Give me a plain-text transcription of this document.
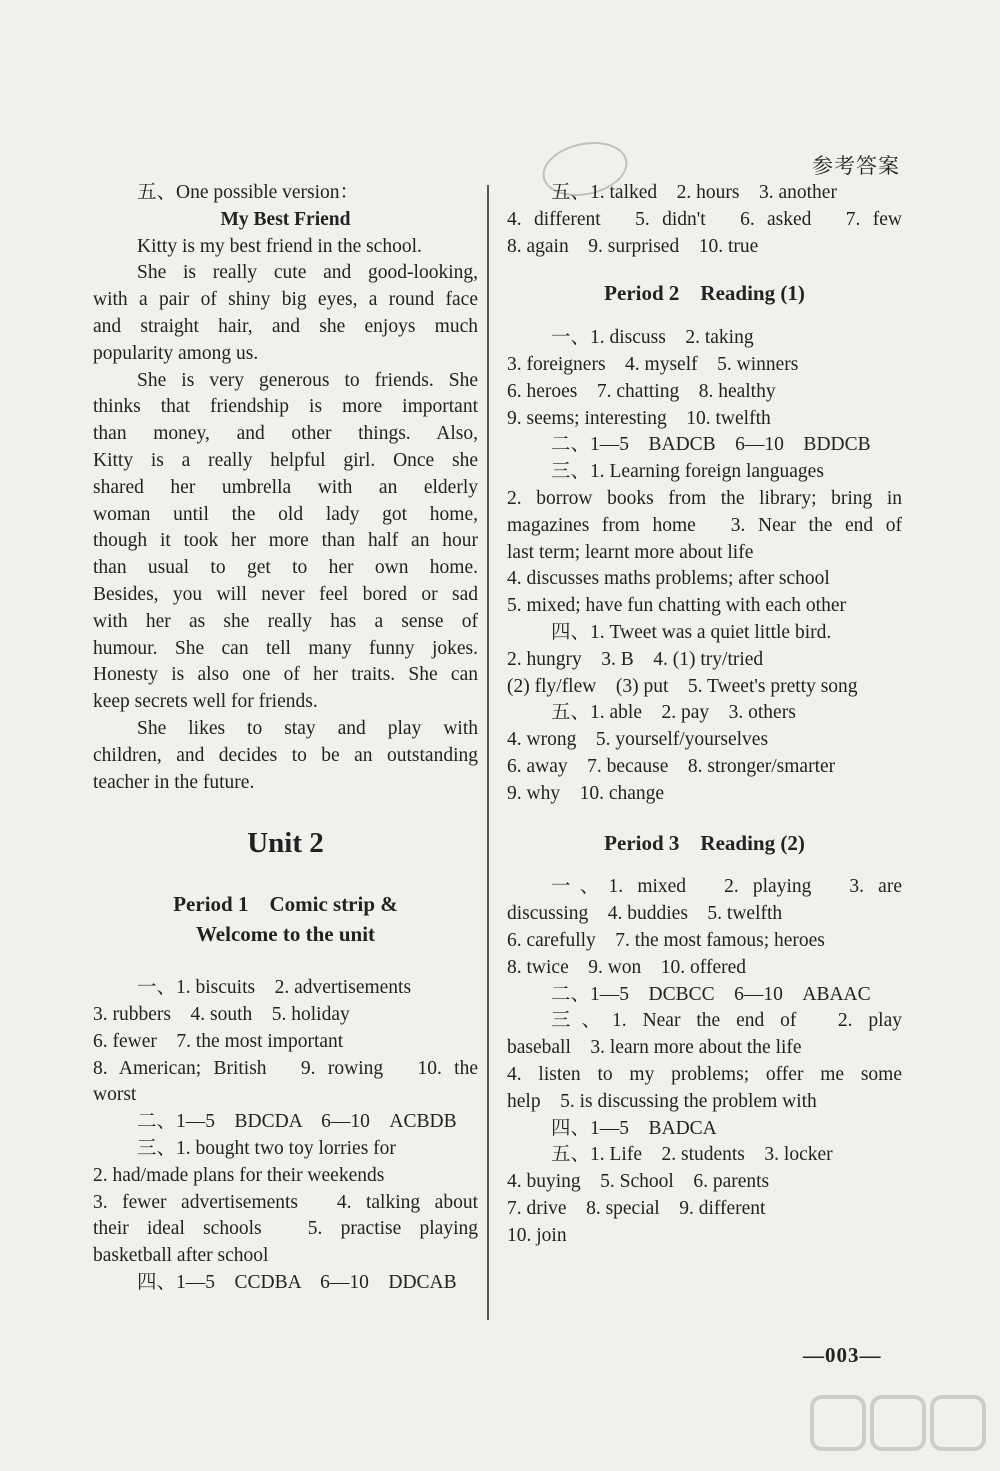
参考答案
五、One possible version：
My Best Friend
Kitty is my best friend in the school.
She is really cute and good-looking,
with a pair of shiny big eyes, a round face
and straight hair, and she enjoys much
popularity among us.
She is very generous to friends. She
thinks that friendship is more important
than money, and other things. Also,
Kitty is a really helpful girl. Once she
shared her umbrella with an elderly
woman until the old lady got home,
though it took her more than half an hour
than usual to get to her own home.
Besides, you will never feel bored or sad
with her as she really has a sense of
humour. She can tell many funny jokes.
Honesty is also one of her traits. She can
keep secrets well for friends.
She likes to stay and play with
children, and decides to be an outstanding
teacher in the future.
Unit 2
Period 1　Comic strip &
Welcome to the unit
一、1. biscuits　2. advertisements
3. rubbers　4. south　5. holiday
6. fewer　7. the most important
8. American; British　9. rowing　10. the
worst
二、1—5　BDCDA　6—10　ACBDB
三、1. bought two toy lorries for
2. had/made plans for their weekends
3. fewer advertisements　4. talking about
their ideal schools　5. practise playing
basketball after school
四、1—5　CCDBA　6—10　DDCAB
五、1. talked　2. hours　3. another
4. different　5. didn't　6. asked　7. few
8. again　9. surprised　10. true
Period 2　Reading (1)
一、1. discuss　2. taking
3. foreigners　4. myself　5. winners
6. heroes　7. chatting　8. healthy
9. seems; interesting　10. twelfth
二、1—5　BADCB　6—10　BDDCB
三、1. Learning foreign languages
2. borrow books from the library; bring in
magazines from home　3. Near the end of
last term; learnt more about life
4. discusses maths problems; after school
5. mixed; have fun chatting with each other
四、1. Tweet was a quiet little bird.
2. hungry　3. B　4. (1) try/tried
(2) fly/flew　(3) put　5. Tweet's pretty song
五、1. able　2. pay　3. others
4. wrong　5. yourself/yourselves
6. away　7. because　8. stronger/smarter
9. why　10. change
Period 3　Reading (2)
一、1. mixed　2. playing　3. are
discussing　4. buddies　5. twelfth
6. carefully　7. the most famous; heroes
8. twice　9. won　10. offered
二、1—5　DCBCC　6—10　ABAAC
三、1. Near the end of　2. play
baseball　3. learn more about the life
4. listen to my problems; offer me some
help　5. is discussing the problem with
四、1—5　BADCA
五、1. Life　2. students　3. locker
4. buying　5. School　6. parents
7. drive　8. special　9. different
10. join
—003—
